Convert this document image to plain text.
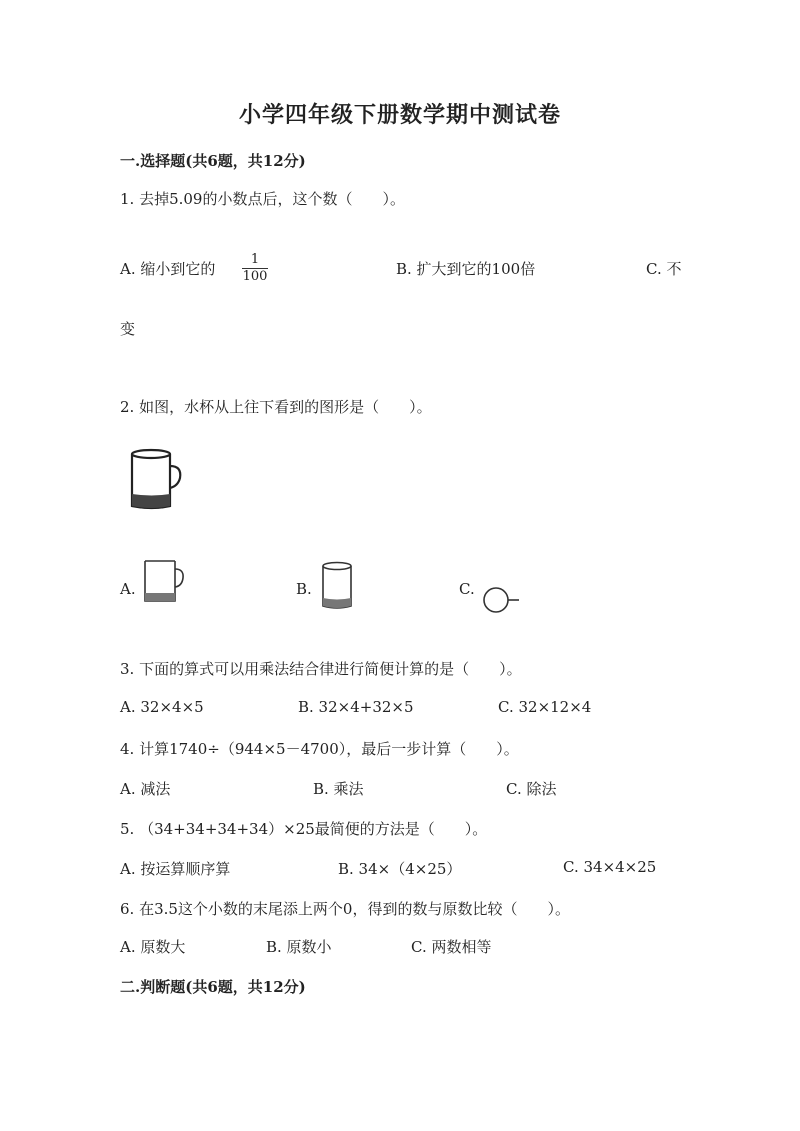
小学四年级下册数学期中测试卷
一.选择题(共6题，共12分)
1. 去掉5.09的小数点后，这个数（　　）。
A. 缩小到它的 $\frac{1}{100}$	B. 扩大到它的100倍	C. 不
变
2. 如图，水杯从上往下看到的图形是（　　）。
A.	B.	C.
3. 下面的算式可以用乘法结合律进行简便计算的是（　　）。
A. 32×4×5	B. 32×4+32×5	C. 32×12×4
4. 计算1740÷（944×5－4700），最后一步计算（　　）。
A. 减法	B. 乘法	C. 除法
5. （34+34+34+34）×25最简便的方法是（　　）。
A. 按运算顺序算	B. 34×（4×25）	C. 34×4×25
6. 在3.5这个小数的末尾添上两个0，得到的数与原数比较（　　）。
A. 原数大	B. 原数小	C. 两数相等
二.判断题(共6题，共12分)
